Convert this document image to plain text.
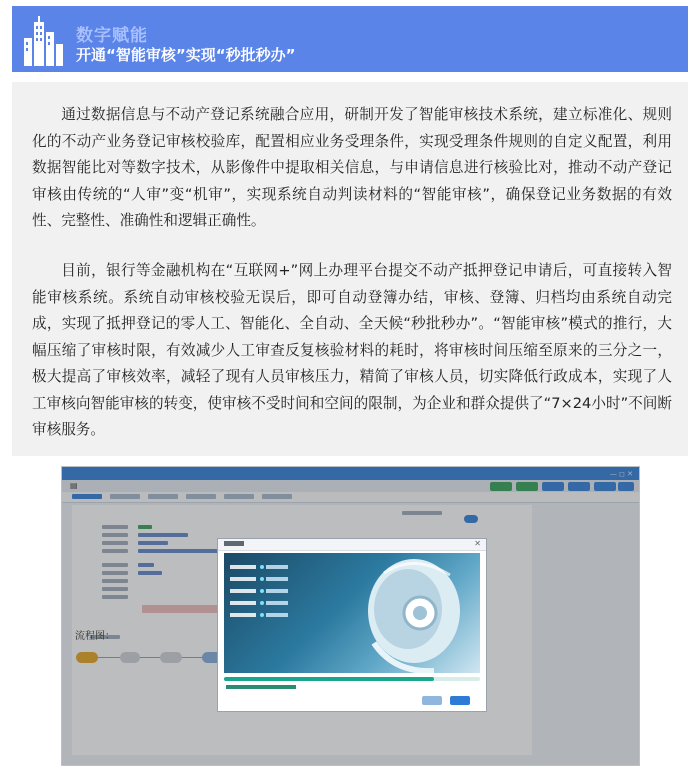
数字赋能
开通“智能审核”实现“秒批秒办”

通过数据信息与不动产登记系统融合应用，研制开发了智能审核技术系统，建立标准化、规则化的不动产业务登记审核校验库，配置相应业务受理条件，实现受理条件规则的自定义配置，利用数据智能比对等数字技术，从影像件中提取相关信息，与申请信息进行核验比对，推动不动产登记审核由传统的“人审”变“机审”，实现系统自动判读材料的“智能审核”，确保登记业务数据的有效性、完整性、准确性和逻辑正确性。

目前，银行等金融机构在“互联网+”网上办理平台提交不动产抵押登记申请后，可直接转入智能审核系统。系统自动审核校验无误后，即可自动登簿办结，审核、登簿、归档均由系统自动完成，实现了抵押登记的零人工、智能化、全自动、全天候“秒批秒办”。“智能审核”模式的推行，大幅压缩了审核时限，有效减少人工审查反复核验材料的耗时，将审核时间压缩至原来的三分之一，极大提高了审核效率，减轻了现有人员审核压力，精简了审核人员，切实降低行政成本，实现了人工审核向智能审核的转变，使审核不受时间和空间的限制，为企业和群众提供了“7×24小时”不间断审核服务。

— ◻ ✕
▤
流程图：
✕
